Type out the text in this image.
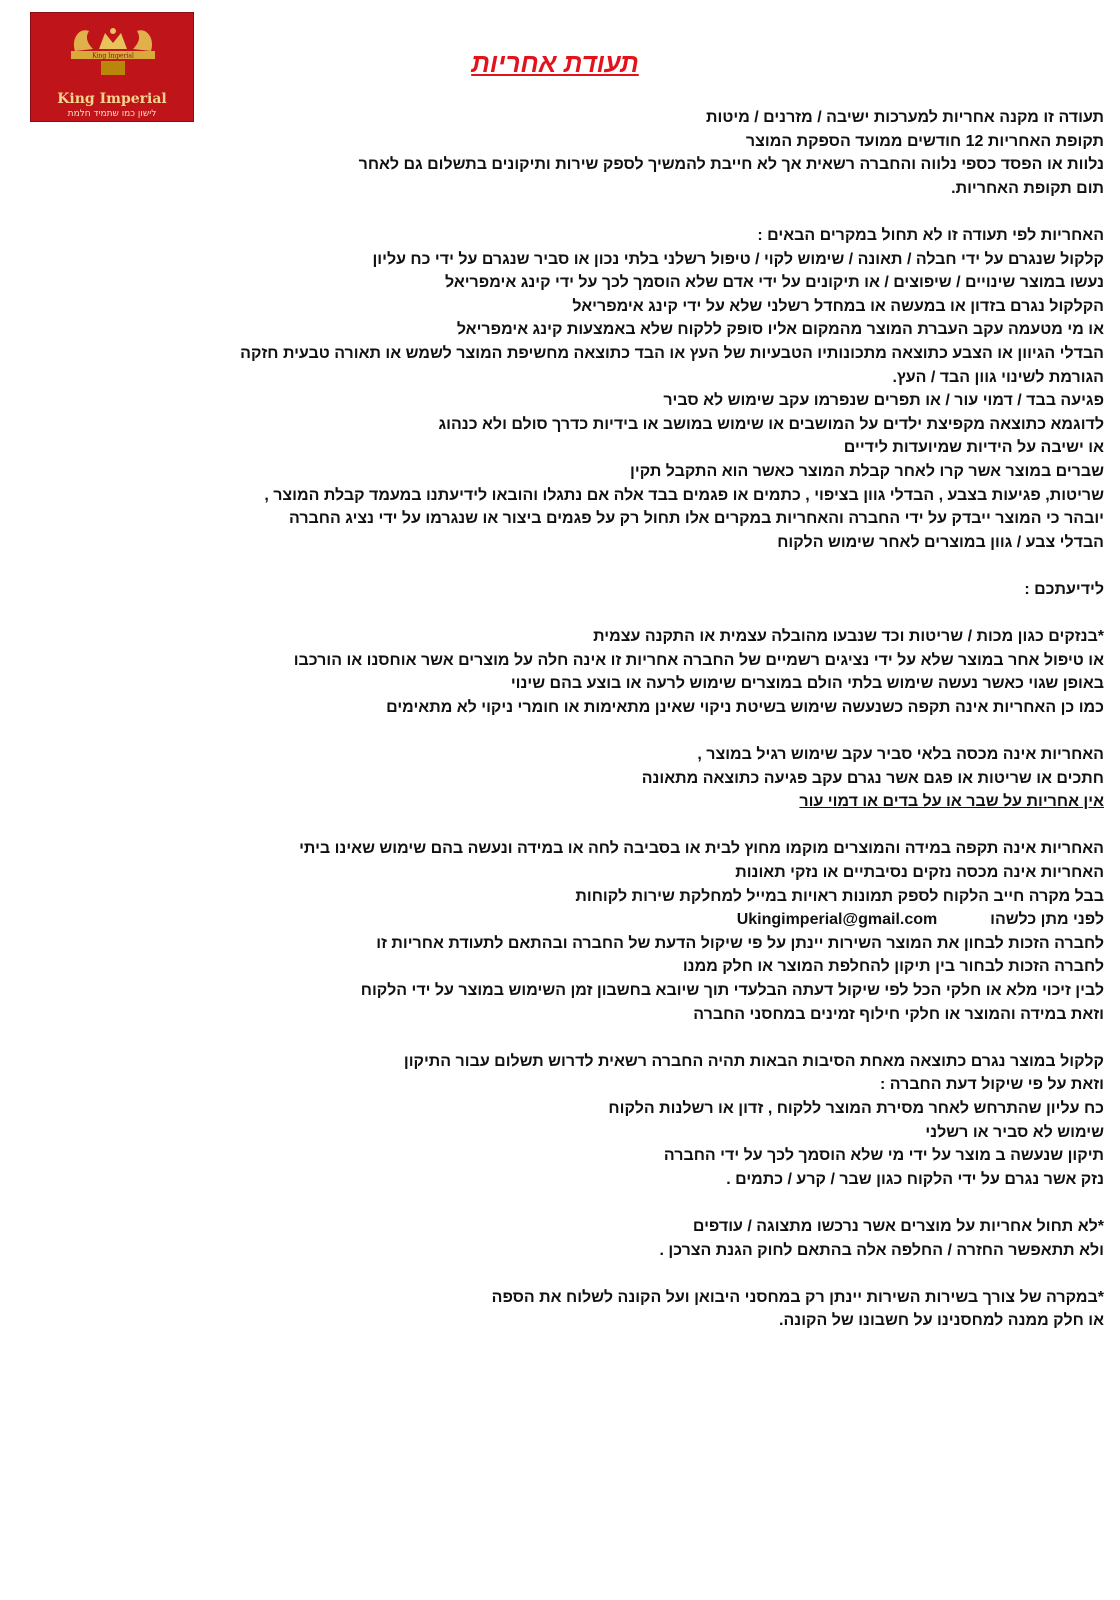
King Imperial
King Imperial
לישון כמו שתמיד חלמת
תעודת אחריות
תעודה זו מקנה אחריות למערכות ישיבה / מזרנים / מיטות
תקופת האחריות 12 חודשים ממועד הספקת המוצר
נלוות או הפסד כספי נלווה והחברה רשאית אך לא חייבת להמשיך לספק שירות ותיקונים בתשלום גם לאחר
תום תקופת האחריות.
האחריות לפי תעודה זו לא תחול במקרים הבאים :
קלקול שנגרם על ידי חבלה / תאונה / שימוש לקוי / טיפול רשלני בלתי נכון או סביר שנגרם על ידי כח עליון
נעשו במוצר שינויים / שיפוצים / או תיקונים על ידי אדם שלא הוסמך לכך על ידי קינג אימפריאל
הקלקול נגרם בזדון או במעשה או במחדל רשלני שלא על ידי קינג אימפריאל
או מי מטעמה עקב העברת המוצר מהמקום אליו סופק ללקוח שלא באמצעות קינג אימפריאל
הבדלי הגיוון או הצבע כתוצאה מתכונותיו הטבעיות של העץ או הבד כתוצאה מחשיפת המוצר לשמש או תאורה טבעית חזקה
הגורמת לשינוי גוון הבד / העץ.
פגיעה בבד / דמוי עור / או תפרים שנפרמו עקב שימוש לא סביר
לדוגמא כתוצאה מקפיצת ילדים על המושבים או שימוש במושב או בידיות כדרך סולם ולא כנהוג
או ישיבה על הידיות שמיועדות לידיים
שברים במוצר אשר קרו לאחר קבלת המוצר כאשר הוא התקבל תקין
שריטות, פגיעות בצבע , הבדלי גוון בציפוי , כתמים או פגמים בבד אלה אם נתגלו והובאו לידיעתנו במעמד קבלת המוצר ,
יובהר כי המוצר ייבדק על ידי החברה והאחריות במקרים אלו תחול רק על פגמים ביצור או שנגרמו על ידי נציג החברה
הבדלי צבע / גוון במוצרים לאחר שימוש הלקוח
לידיעתכם :
*בנזקים כגון מכות / שריטות וכד שנבעו מהובלה עצמית או התקנה עצמית
או טיפול אחר במוצר שלא על ידי נציגים רשמיים של החברה אחריות זו אינה חלה על מוצרים אשר אוחסנו או הורכבו
באופן שגוי כאשר נעשה שימוש בלתי הולם במוצרים שימוש לרעה או בוצע בהם שינוי
כמו כן האחריות אינה תקפה כשנעשה שימוש בשיטת ניקוי שאינן מתאימות או חומרי ניקוי לא מתאימים
האחריות אינה מכסה בלאי סביר עקב שימוש רגיל במוצר ,
חתכים או שריטות או פגם אשר נגרם עקב פגיעה כתוצאה מתאונה
אין אחריות על שבר או על בדים או דמוי עור
האחריות אינה תקפה במידה והמוצרים מוקמו מחוץ לבית או בסביבה לחה או במידה ונעשה בהם שימוש שאינו ביתי
האחריות אינה מכסה נזקים נסיבתיים או נזקי תאונות
בבל מקרה חייב הלקוח לספק תמונות ראויות במייל למחלקת שירות לקוחות
לפני מתן כלשהו  Ukingimperial@gmail.com
לחברה הזכות לבחון את המוצר השירות יינתן על פי שיקול הדעת של החברה ובהתאם לתעודת אחריות זו
לחברה הזכות לבחור בין תיקון להחלפת המוצר או חלק ממנו
לבין זיכוי מלא או חלקי הכל לפי שיקול דעתה הבלעדי תוך שיובא בחשבון זמן השימוש במוצר על ידי הלקוח
וזאת במידה והמוצר או חלקי חילוף זמינים במחסני החברה
קלקול במוצר נגרם כתוצאה מאחת הסיבות הבאות תהיה החברה רשאית לדרוש תשלום עבור התיקון
וזאת על פי שיקול דעת החברה :
כח עליון שהתרחש לאחר מסירת המוצר ללקוח , זדון או רשלנות הלקוח
שימוש לא סביר או רשלני
תיקון שנעשה ב מוצר על ידי מי שלא הוסמך לכך על ידי החברה
נזק אשר נגרם על ידי הלקוח כגון שבר / קרע / כתמים .
*לא תחול אחריות על מוצרים אשר נרכשו מתצוגה / עודפים
ולא תתאפשר החזרה / החלפה אלה בהתאם לחוק הגנת הצרכן .
*במקרה של צורך בשירות השירות יינתן רק במחסני היבואן ועל הקונה לשלוח את הספה
או חלק ממנה למחסנינו על חשבונו של הקונה.
